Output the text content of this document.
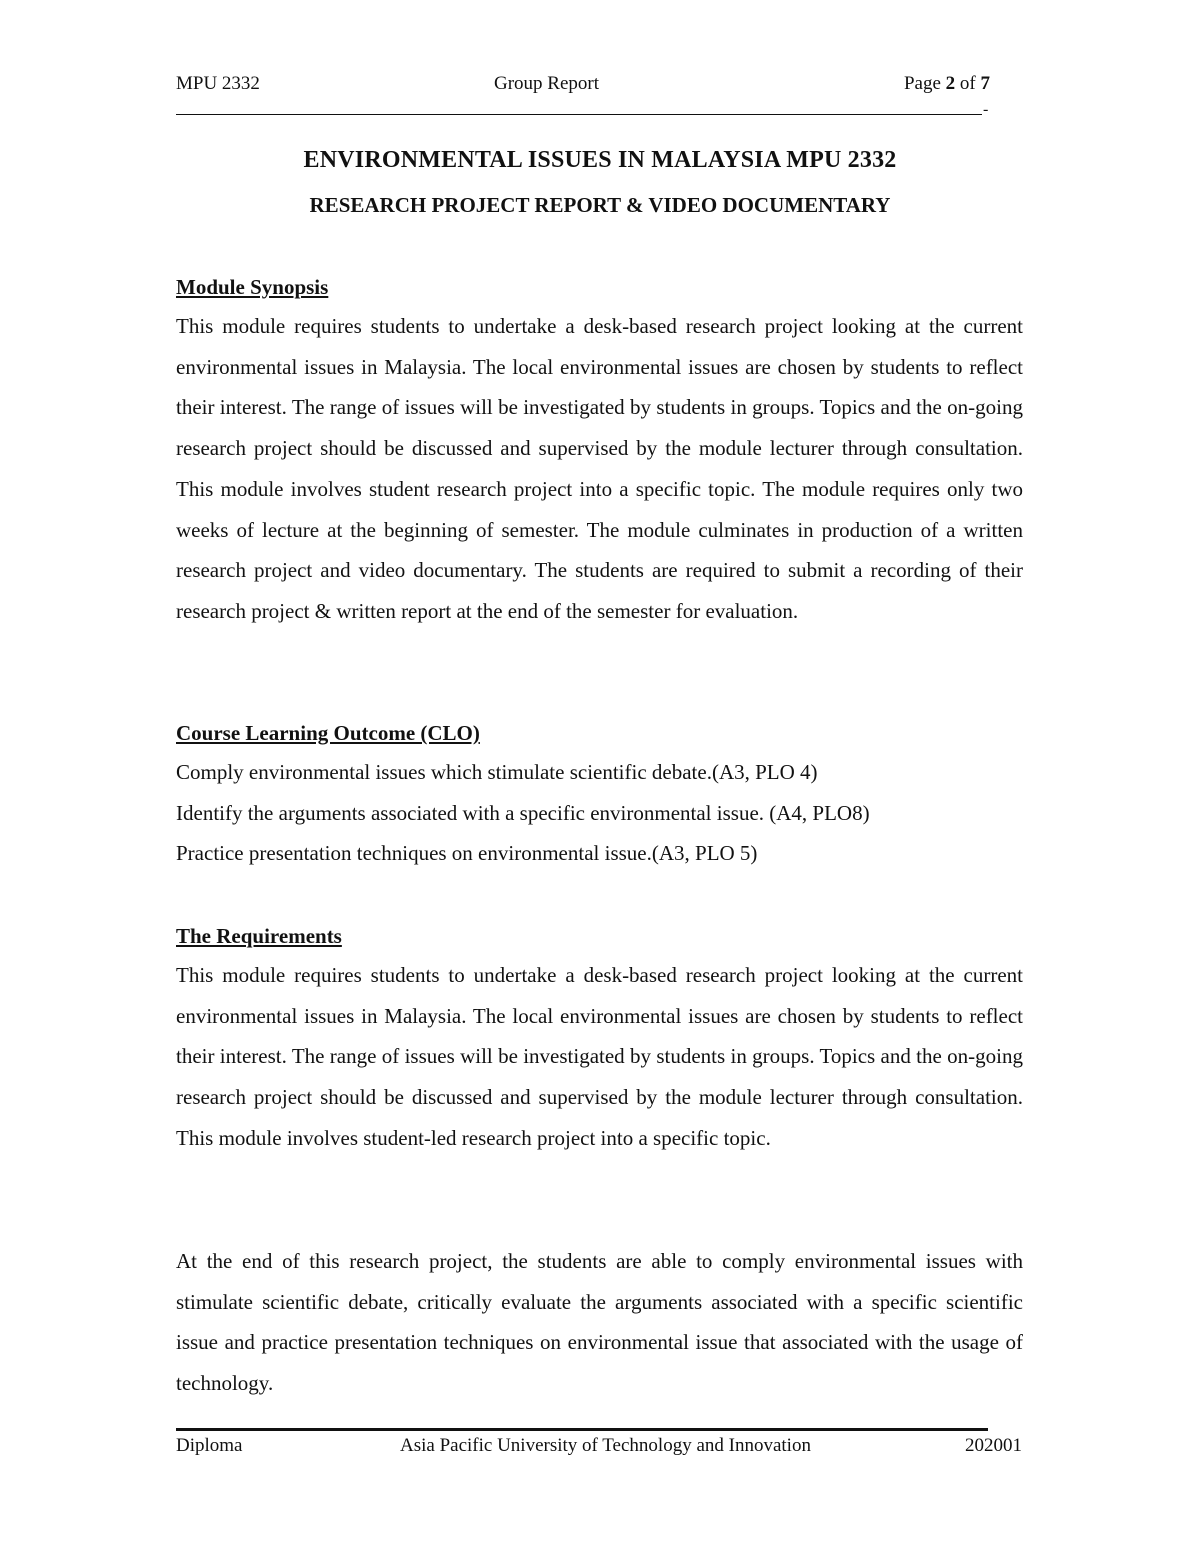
MPU 2332	Group Report	Page 2 of 7
-
ENVIRONMENTAL ISSUES IN MALAYSIA MPU 2332
RESEARCH PROJECT REPORT & VIDEO DOCUMENTARY
Module Synopsis

This module requires students to undertake a desk-based research project looking at the current environmental issues in Malaysia. The local environmental issues are chosen by students to reflect their interest. The range of issues will be investigated by students in groups. Topics and the on-going research project should be discussed and supervised by the module lecturer through consultation. This module involves student research project into a specific topic. The module requires only two weeks of lecture at the beginning of semester. The module culminates in production of a written research project and video documentary. The students are required to submit a recording of their research project & written report at the end of the semester for evaluation.

Course Learning Outcome (CLO)
Comply environmental issues which stimulate scientific debate.(A3, PLO 4)
Identify the arguments associated with a specific environmental issue. (A4, PLO8)
Practice presentation techniques on environmental issue.(A3, PLO 5)
The Requirements

This module requires students to undertake a desk-based research project looking at the current environmental issues in Malaysia. The local environmental issues are chosen by students to reflect their interest. The range of issues will be investigated by students in groups. Topics and the on-going research project should be discussed and supervised by the module lecturer through consultation. This module involves student-led research project into a specific topic.

At the end of this research project, the students are able to comply environmental issues with stimulate scientific debate, critically evaluate the arguments associated with a specific scientific issue and practice presentation techniques on environmental issue that associated with the usage of technology.

Diploma	Asia Pacific University of Technology and Innovation	202001
